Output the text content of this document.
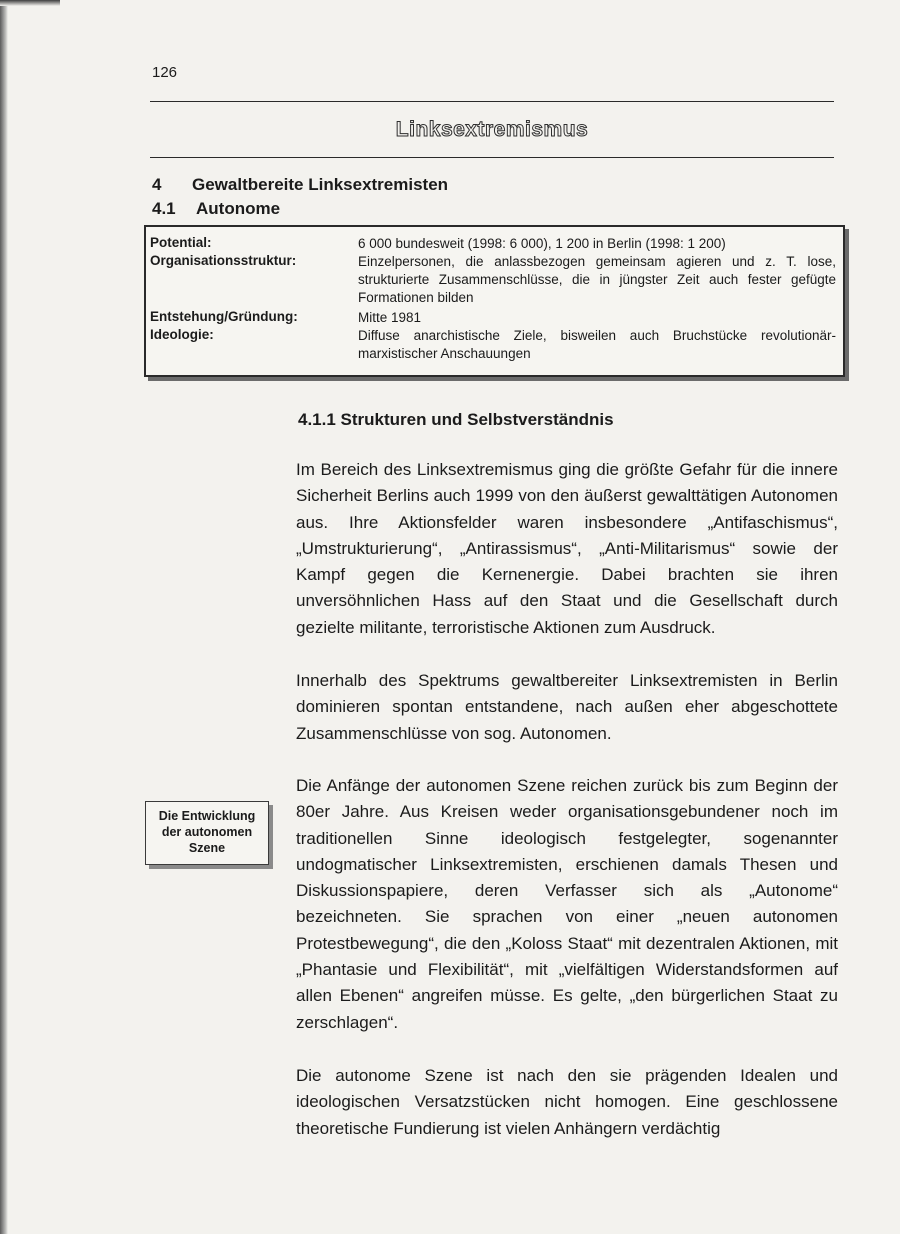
126
Linksextremismus
4 Gewaltbereite Linksextremisten
4.1 Autonome
Potential:	6 000 bundesweit (1998: 6 000), 1 200 in Berlin (1998: 1 200)
Organisationsstruktur:	Einzelpersonen, die anlassbezogen gemeinsam agieren und z. T. lose, strukturierte Zusammenschlüsse, die in jüngster Zeit auch fester gefügte Formationen bilden
Entstehung/Gründung:	Mitte 1981
Ideologie:	Diffuse anarchistische Ziele, bisweilen auch Bruchstücke revolutionär-marxistischer Anschauungen
4.1.1 Strukturen und Selbstverständnis

Im Bereich des Linksextremismus ging die größte Gefahr für die innere Sicherheit Berlins auch 1999 von den äußerst gewalttätigen Autonomen aus. Ihre Aktionsfelder waren insbesondere „Antifaschismus“, „Umstrukturierung“, „Antirassismus“, „Anti-Militarismus“ sowie der Kampf gegen die Kernenergie. Dabei brachten sie ihren unversöhnlichen Hass auf den Staat und die Gesellschaft durch gezielte militante, terroristische Aktionen zum Ausdruck.

Innerhalb des Spektrums gewaltbereiter Linksextremisten in Berlin dominieren spontan entstandene, nach außen eher abgeschottete Zusammenschlüsse von sog. Autonomen.

Die Anfänge der autonomen Szene reichen zurück bis zum Beginn der 80er Jahre. Aus Kreisen weder organisationsgebundener noch im traditionellen Sinne ideologisch festgelegter, sogenannter undogmatischer Linksextremisten, erschienen damals Thesen und Diskussionspapiere, deren Verfasser sich als „Autonome“ bezeichneten. Sie sprachen von einer „neuen autonomen Protestbewegung“, die den „Koloss Staat“ mit dezentralen Aktionen, mit „Phantasie und Flexibilität“, mit „vielfältigen Widerstandsformen auf allen Ebenen“ angreifen müsse. Es gelte, „den bürgerlichen Staat zu zerschlagen“.

Die autonome Szene ist nach den sie prägenden Idealen und ideologischen Versatzstücken nicht homogen. Eine geschlossene theoretische Fundierung ist vielen Anhängern verdächtig

Die Entwicklung der autonomen Szene
